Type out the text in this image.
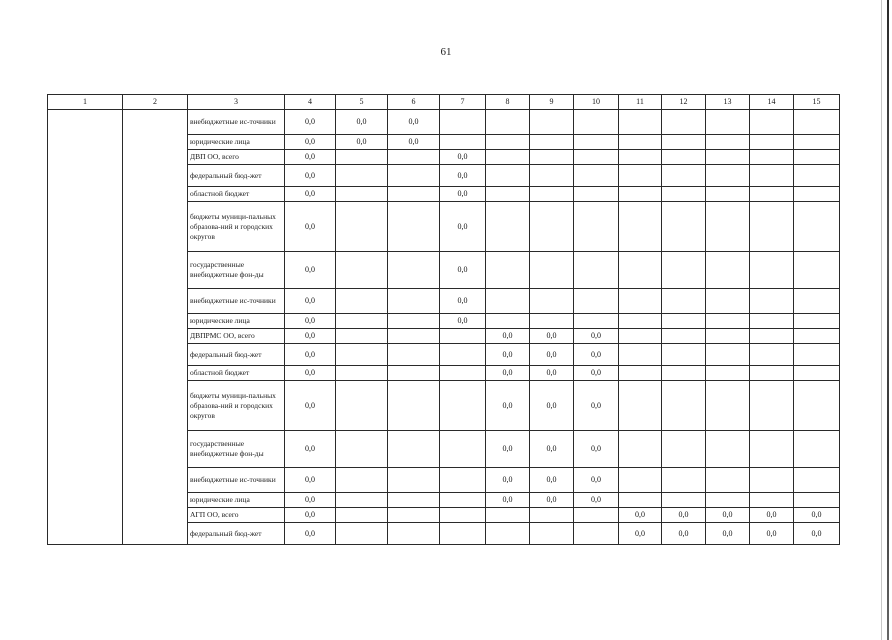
61
1	2	3	4	5	6	7	8	9	10	11	12	13	14	15
		внебюджетные ис-точники	0,0	0,0	0,0									
		юридические лица	0,0	0,0	0,0									
		ДВП ОО, всего	0,0			0,0								
		федеральный бюд-жет	0,0			0,0								
		областной бюджет	0,0			0,0								
		бюджеты муници-пальных образова-ний и городских округов	0,0			0,0								
		государственные внебюджетные фон-ды	0,0			0,0								
		внебюджетные ис-точники	0,0			0,0								
		юридические лица	0,0			0,0								
		ДВПРМС ОО, всего	0,0				0,0	0,0	0,0					
		федеральный бюд-жет	0,0				0,0	0,0	0,0					
		областной бюджет	0,0				0,0	0,0	0,0					
		бюджеты муници-пальных образова-ний и городских округов	0,0				0,0	0,0	0,0					
		государственные внебюджетные фон-ды	0,0				0,0	0,0	0,0					
		внебюджетные ис-точники	0,0				0,0	0,0	0,0					
		юридические лица	0,0				0,0	0,0	0,0					
		АГП ОО, всего	0,0							0,0	0,0	0,0	0,0	0,0
		федеральный бюд-жет	0,0							0,0	0,0	0,0	0,0	0,0
